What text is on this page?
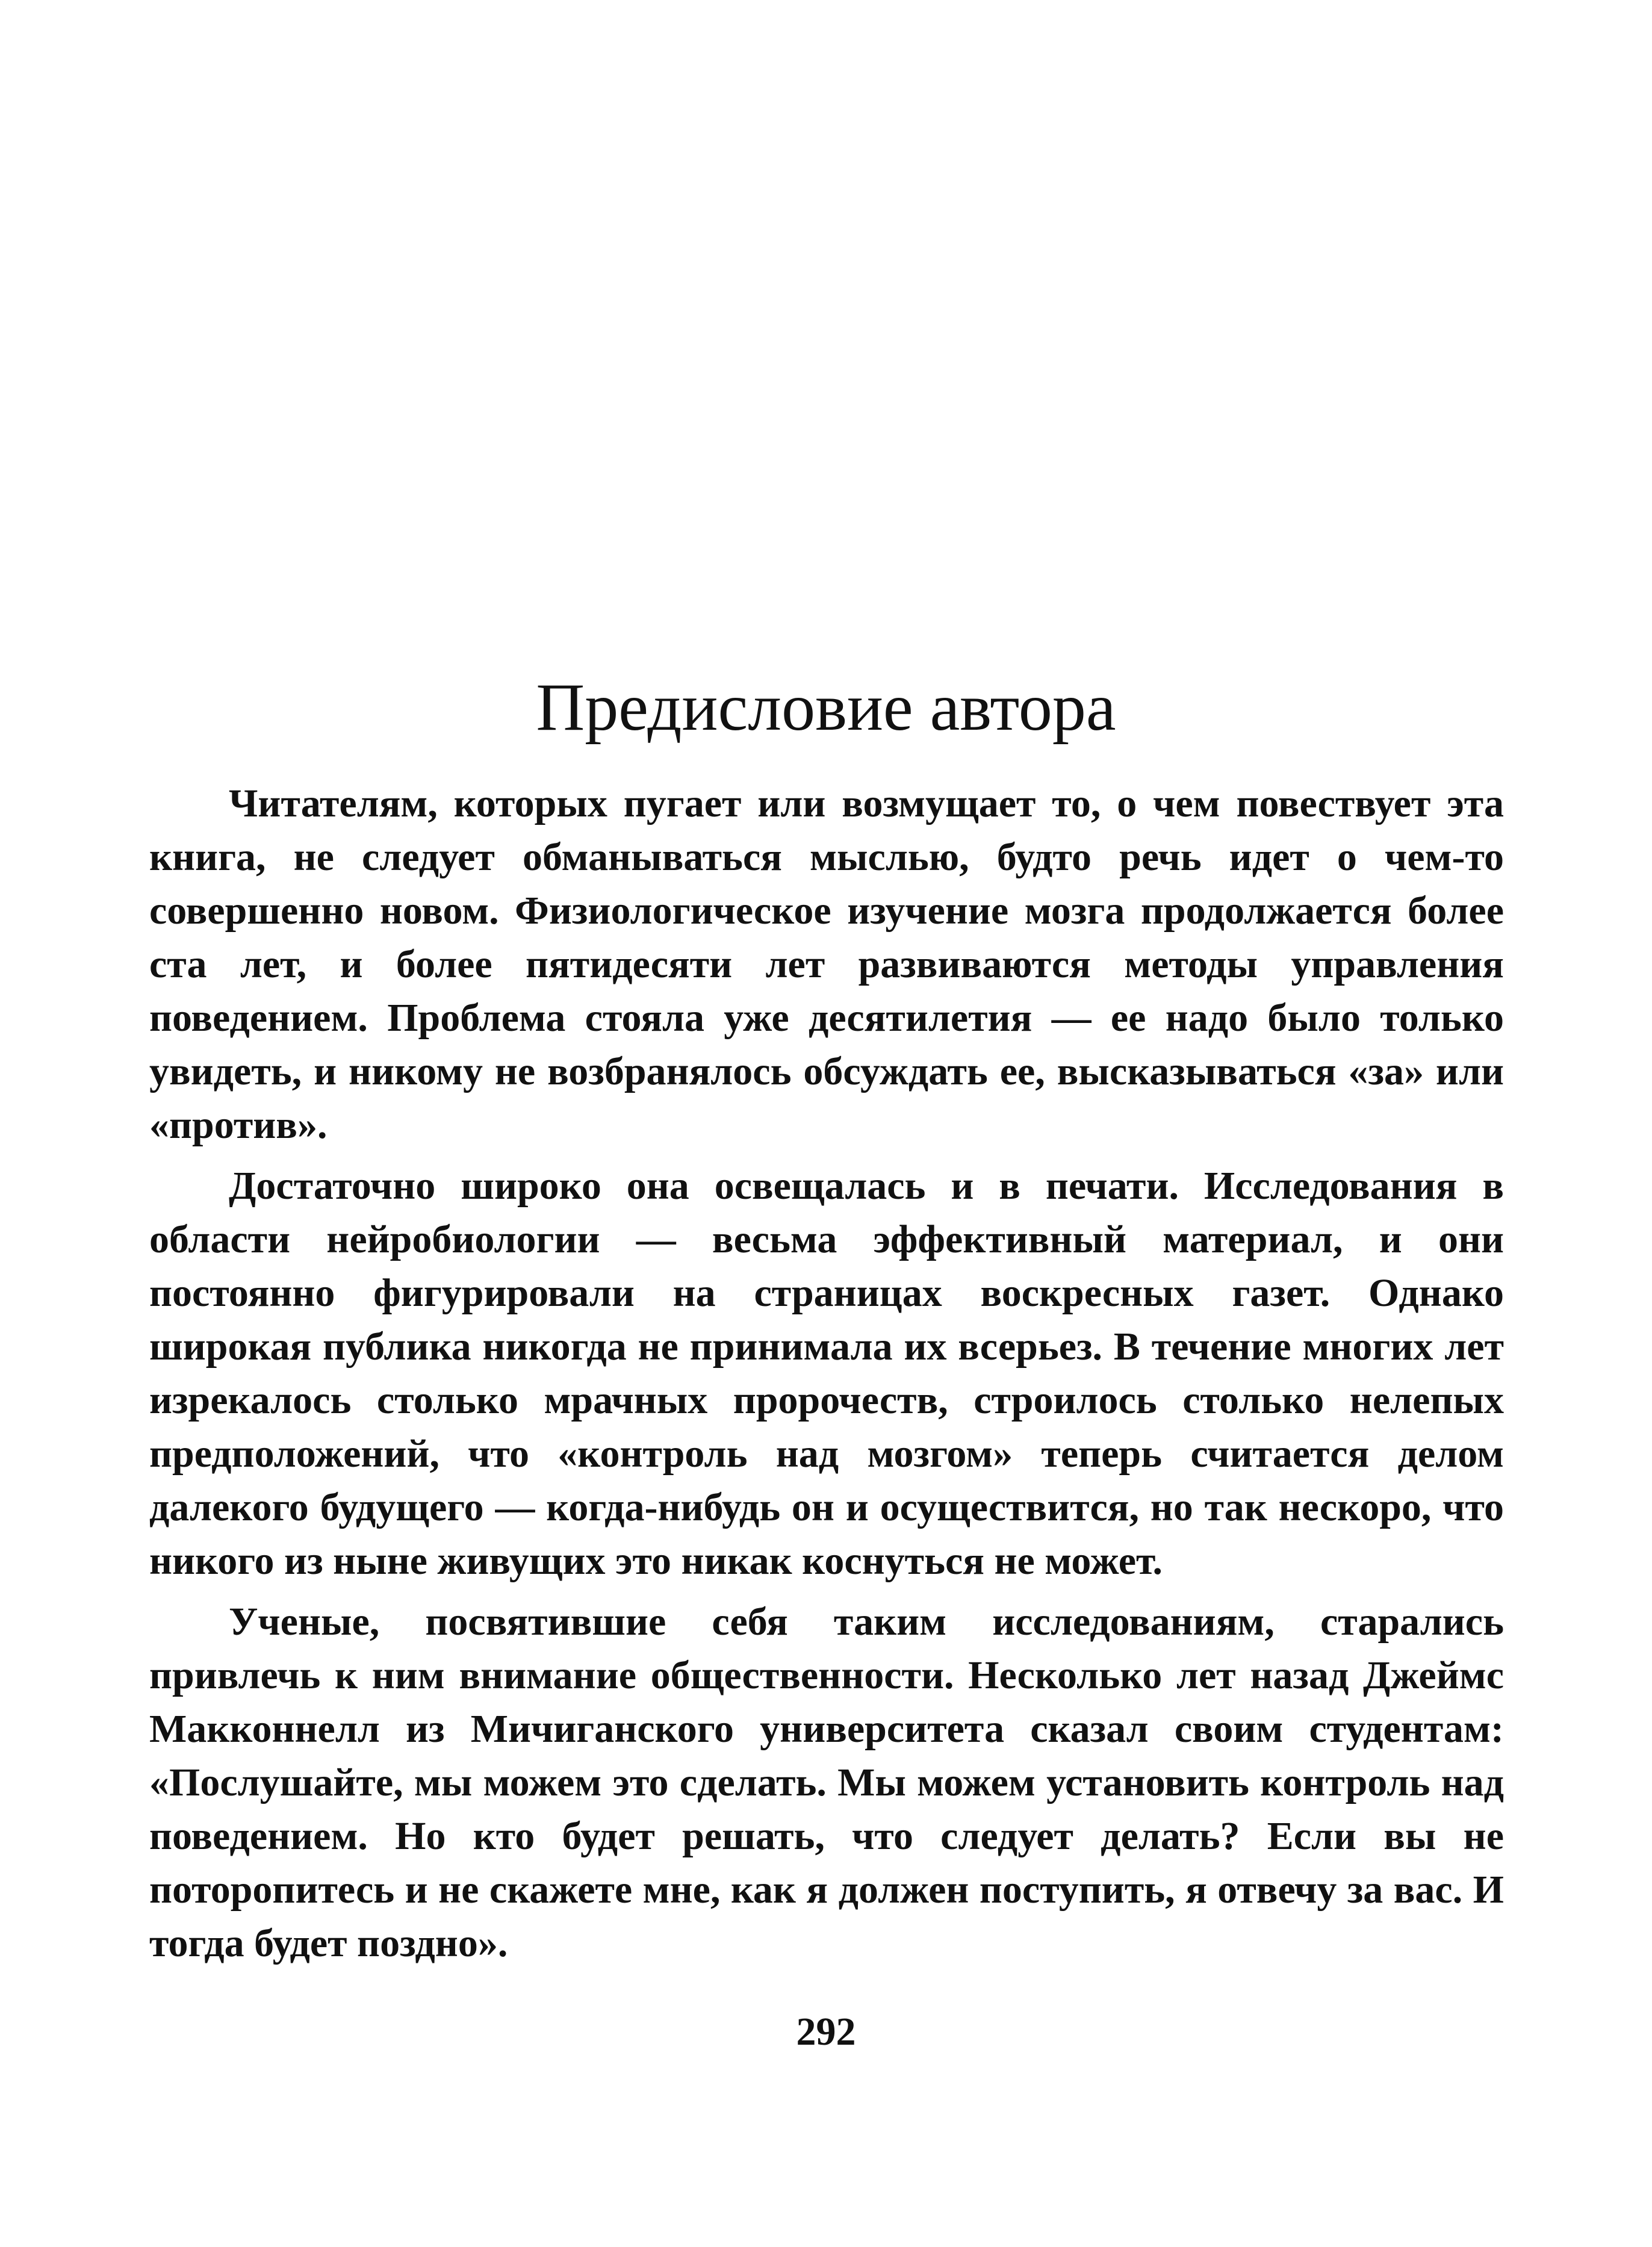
Предисловие автора

Читателям, которых пугает или возмущает то, о чем повествует эта книга, не следует обманываться мыслью, будто речь идет о чем-то совершенно новом. Физиологическое изучение мозга продолжается более ста лет, и более пятидесяти лет развиваются методы управления поведением. Проблема стояла уже десятилетия — ее надо было только увидеть, и никому не возбранялось обсуждать ее, высказываться «за» или «против».

Достаточно широко она освещалась и в печати. Исследования в области нейробиологии — весьма эффективный материал, и они постоянно фигурировали на страницах воскресных газет. Однако широкая публика никогда не принимала их всерьез. В течение многих лет изрекалось столько мрачных пророчеств, строилось столько нелепых предположений, что «контроль над мозгом» теперь считается делом далекого будущего — когда-нибудь он и осуществится, но так нескоро, что никого из ныне живущих это никак коснуться не может.

Ученые, посвятившие себя таким исследованиям, старались привлечь к ним внимание общественности. Несколько лет назад Джеймс Макконнелл из Мичиганского университета сказал своим студентам: «Послушайте, мы можем это сделать. Мы можем установить контроль над поведением. Но кто будет решать, что следует делать? Если вы не поторопитесь и не скажете мне, как я должен поступить, я отвечу за вас. И тогда будет поздно».

292
